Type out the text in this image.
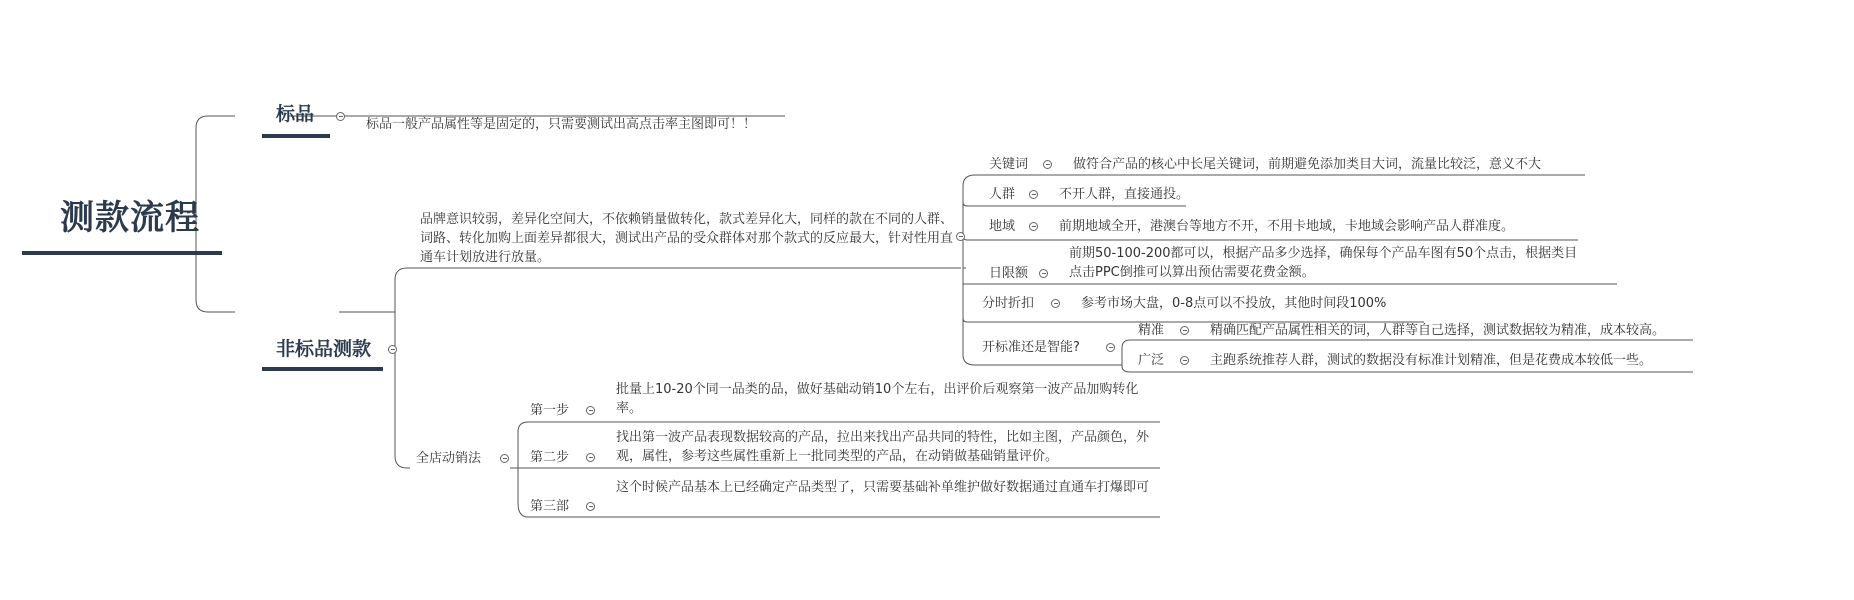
测款流程
标品	标品一般产品属性等是固定的，只需要测试出高点击率主图即可！！
非标品测款
品牌意识较弱，差异化空间大，不依赖销量做转化，款式差异化大，同样的款在不同的人群、词路、转化加购上面差异都很大，测试出产品的受众群体对那个款式的反应最大，针对性用直通车计划放进行放量。
关键词	做符合产品的核心中长尾关键词，前期避免添加类目大词，流量比较泛，意义不大
人群	不开人群，直接通投。
地域	前期地域全开，港澳台等地方不开，不用卡地域，卡地域会影响产品人群准度。
日限额
前期50-100-200都可以，根据产品多少选择，确保每个产品车图有50个点击，根据类目点击PPC倒推可以算出预估需要花费金额。
分时折扣	参考市场大盘，0-8点可以不投放，其他时间段100%
开标准还是智能?
精准	精确匹配产品属性相关的词，人群等自己选择，测试数据较为精准，成本较高。
广泛	主跑系统推荐人群，测试的数据没有标准计划精准，但是花费成本较低一些。
全店动销法
第一步
批量上10-20个同一品类的品，做好基础动销10个左右，出评价后观察第一波产品加购转化率。
第二步
找出第一波产品表现数据较高的产品，拉出来找出产品共同的特性，比如主图，产品颜色，外观，属性，参考这些属性重新上一批同类型的产品，在动销做基础销量评价。
第三部
这个时候产品基本上已经确定产品类型了，只需要基础补单维护做好数据通过直通车打爆即可
